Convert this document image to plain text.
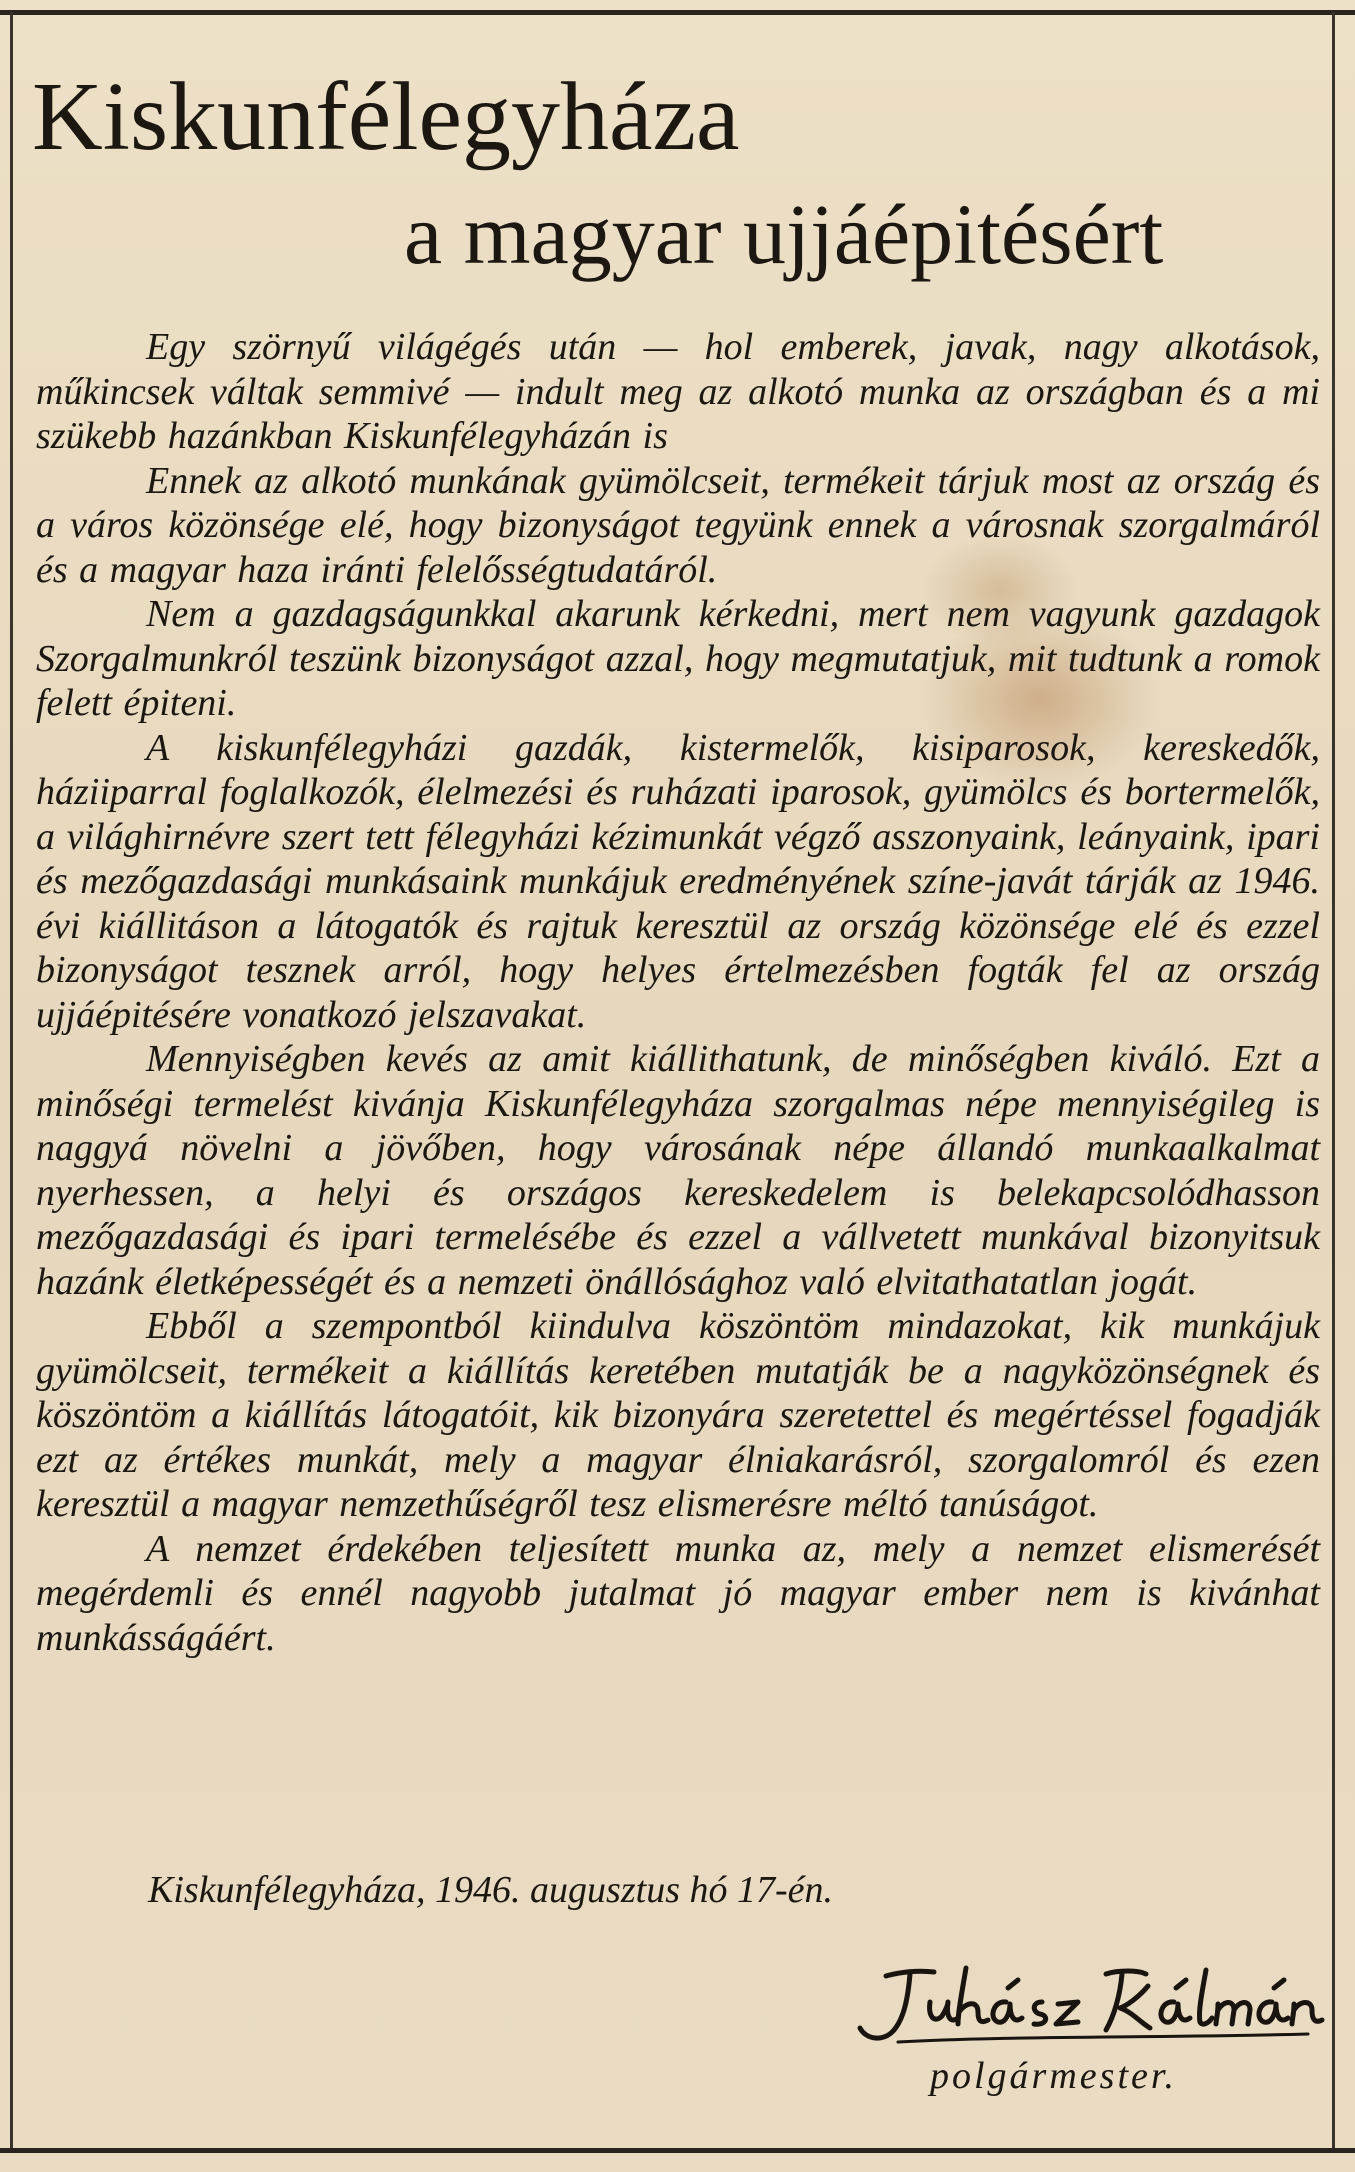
Kiskunfélegyháza
a magyar ujjáépitésért

Egy szörnyű világégés után — hol emberek, javak, nagy alkotások, műkincsek váltak semmivé — indult meg az alkotó munka az országban és a mi szükebb hazánkban Kiskunfélegyházán is

Ennek az alkotó munkának gyümölcseit, termékeit tárjuk most az ország és a város közönsége elé, hogy bizonyságot tegyünk ennek a városnak szorgalmáról és a magyar haza iránti felelősségtudatáról.

Nem a gazdagságunkkal akarunk kérkedni, mert nem vagyunk gazdagok Szorgalmunkról teszünk bizonyságot azzal, hogy megmutatjuk, mit tudtunk a romok felett épiteni.

A kiskunfélegyházi gazdák, kistermelők, kisiparosok, kereskedők, háziiparral foglalkozók, élelmezési és ruházati iparosok, gyümölcs és bortermelők, a világhirnévre szert tett félegyházi kézimunkát végző asszonyaink, leányaink, ipari és mezőgazdasági munkásaink munkájuk eredményének színe-javát tárják az 1946. évi kiállitáson a látogatók és rajtuk keresztül az ország közönsége elé és ezzel bizonyságot tesznek arról, hogy helyes értelmezésben fogták fel az ország ujjáépitésére vonatkozó jelszavakat.

Mennyiségben kevés az amit kiállithatunk, de minőségben kiváló. Ezt a minőségi termelést kivánja Kiskunfélegyháza szorgalmas népe mennyiségileg is naggyá növelni a jövőben, hogy városának népe állandó munkaalkalmat nyerhessen, a helyi és országos kereskedelem is belekapcsolódhasson mezőgazdasági és ipari termelésébe és ezzel a vállvetett munkával bizonyitsuk hazánk életképességét és a nemzeti önállósághoz való elvitathatatlan jogát.

Ebből a szempontból kiindulva köszöntöm mindazokat, kik munkájuk gyümölcseit, termékeit a kiállítás keretében mutatják be a nagyközönségnek és köszöntöm a kiállítás látogatóit, kik bizonyára szeretettel és megértéssel fogadják ezt az értékes munkát, mely a magyar élniakarásról, szorgalomról és ezen keresztül a magyar nemzethűségről tesz elismerésre méltó tanúságot.

A nemzet érdekében teljesített munka az, mely a nemzet elismerését megérdemli és ennél nagyobb jutalmat jó magyar ember nem is kivánhat munkásságáért.

Kiskunfélegyháza, 1946. augusztus hó 17-én.
polgármester.
